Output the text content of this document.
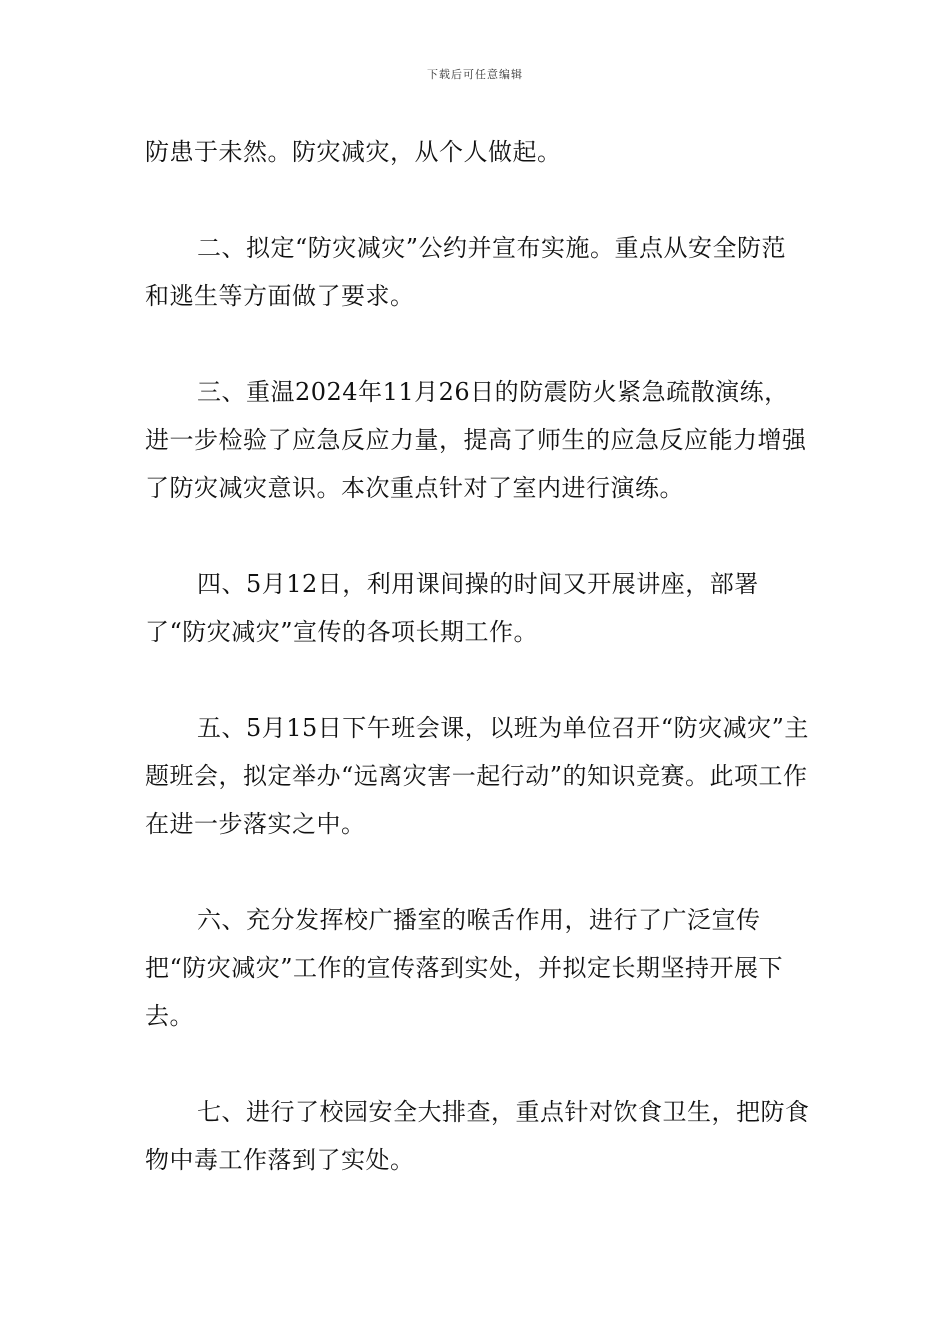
下载后可任意编辑

防患于未然。防灾减灾，从个人做起。

二、拟定“防灾减灾”公约并宣布实施。重点从安全防范和逃生等方面做了要求。

三、重温2024年11月26日的防震防火紧急疏散演练，进一步检验了应急反应力量，提高了师生的应急反应能力增强了防灾减灾意识。本次重点针对了室内进行演练。

四、5月12日，利用课间操的时间又开展讲座，部署了“防灾减灾”宣传的各项长期工作。

五、5月15日下午班会课，以班为单位召开“防灾减灾”主题班会，拟定举办“远离灾害一起行动”的知识竞赛。此项工作在进一步落实之中。

六、充分发挥校广播室的喉舌作用，进行了广泛宣传把“防灾减灾”工作的宣传落到实处，并拟定长期坚持开展下去。

七、进行了校园安全大排查，重点针对饮食卫生，把防食物中毒工作落到了实处。
